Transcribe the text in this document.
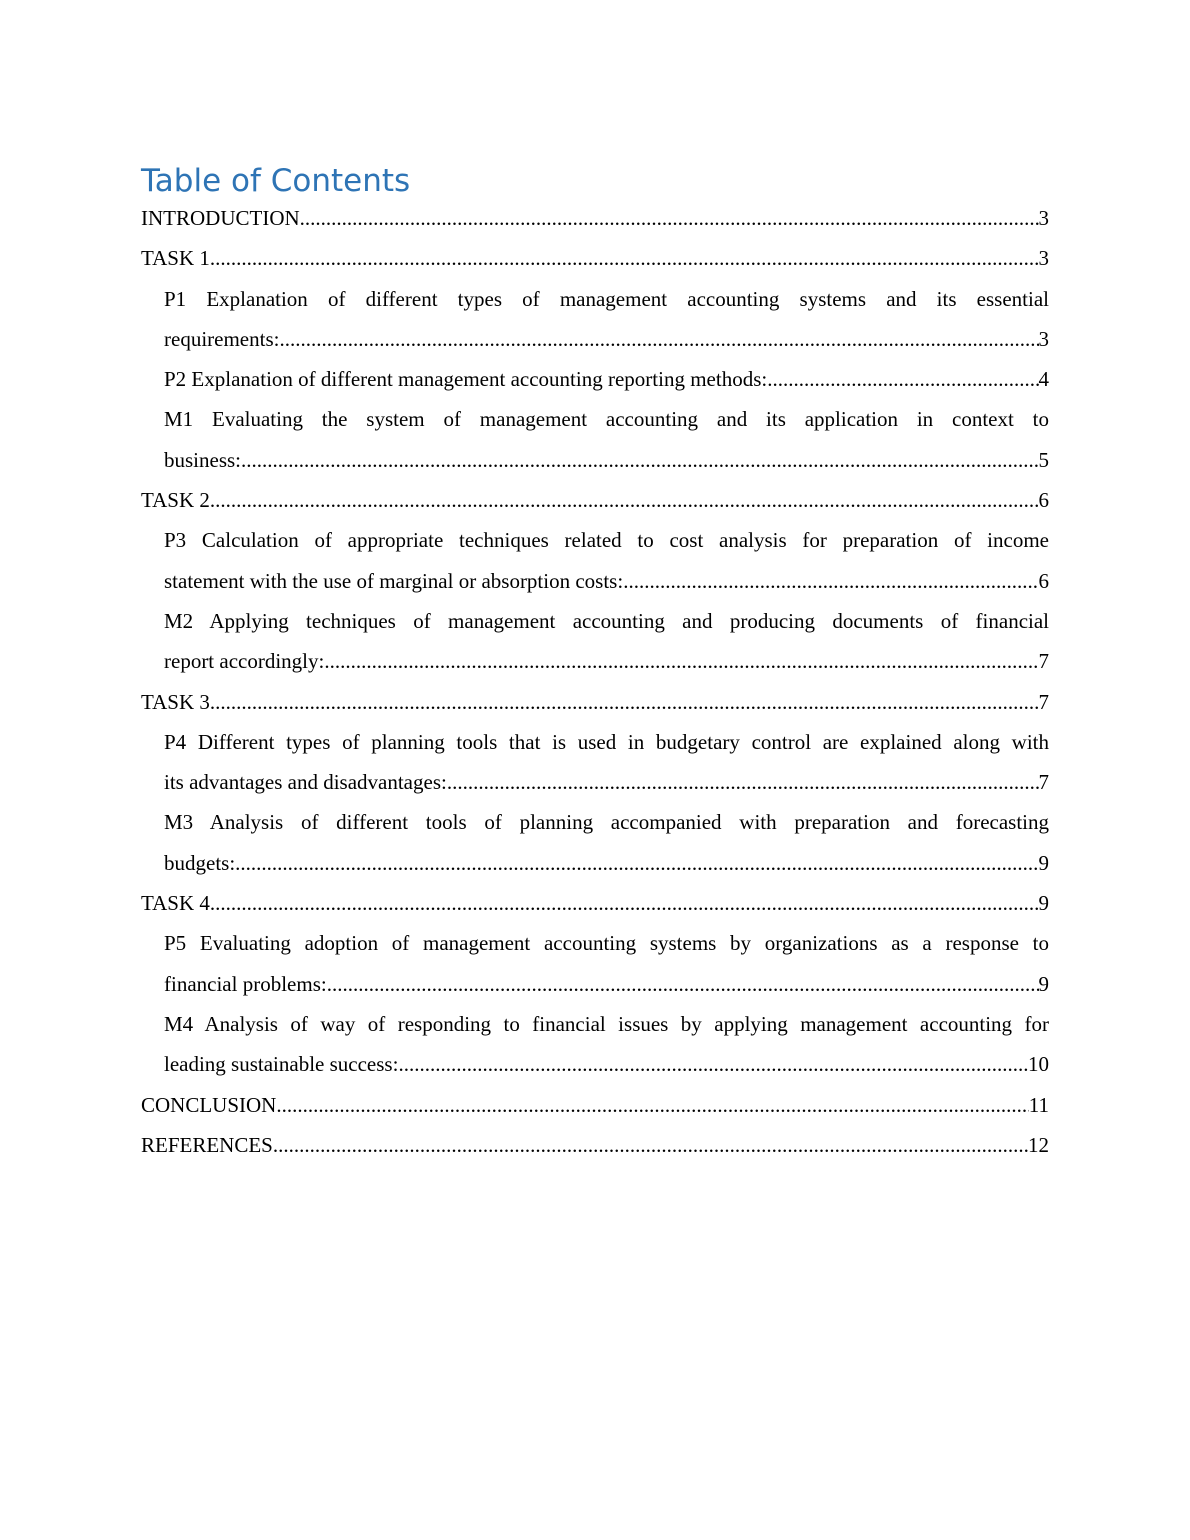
Table of Contents
INTRODUCTION .....	3
TASK 1 .....	3
P1 Explanation of different types of management accounting systems and its essential
requirements: .....	3
P2 Explanation of different management accounting reporting methods: .....	4
M1 Evaluating the system of management accounting and its application in context to
business: .....	5
TASK 2 .....	6
P3 Calculation of appropriate techniques related to cost analysis for preparation of income
statement with the use of marginal or absorption costs: .....	6
M2 Applying techniques of management accounting and producing documents of financial
report accordingly: .....	7
TASK 3 .....	7
P4 Different types of planning tools that is used in budgetary control are explained along with
its advantages and disadvantages: .....	7
M3 Analysis of different tools of planning accompanied with preparation and forecasting
budgets: .....	9
TASK 4 .....	9
P5 Evaluating adoption of management accounting systems by organizations as a response to
financial problems: .....	9
M4 Analysis of way of responding to financial issues by applying management accounting for
leading sustainable success: .....	10
CONCLUSION .....	11
REFERENCES .....	12
